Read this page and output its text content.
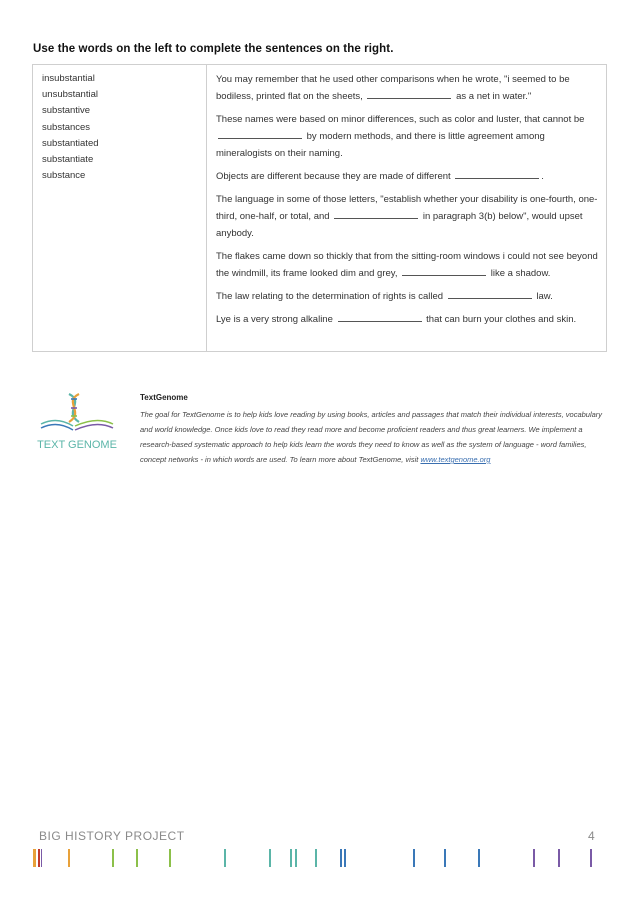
Use the words on the left to complete the sentences on the right.
insubstantial
unsubstantial
substantive
substances
substantiated
substantiate
substance
You may remember that he used other comparisons when he wrote, "i seemed to be bodiless, printed flat on the sheets,	as a net in water."
These names were based on minor differences, such as color and luster, that cannot be  by modern methods, and there is little agreement among mineralogists on their naming.
Objects are different because they are made of different	.
The language in some of those letters, "establish whether your disability is one-fourth, one-third, one-half, or total, and	in paragraph 3(b) below", would upset anybody.
The flakes came down so thickly that from the sitting-room windows i could not see beyond the windmill, its frame looked dim and grey,	like a shadow.
The law relating to the determination of rights is called	law.
Lye is a very strong alkaline	that can burn your clothes and skin.
TEXT GENOME
TextGenome
The goal for TextGenome is to help kids love reading by using books, articles and passages that match their individual interests, vocabulary and world knowledge. Once kids love to read they read more and become proficient readers and thus great learners. We implement a research-based systematic approach to help kids learn the words they need to know as well as the system of language - word families, concept networks - in which words are used. To learn more about TextGenome, visit www.textgenome.org
BIG HISTORY PROJECT	4
